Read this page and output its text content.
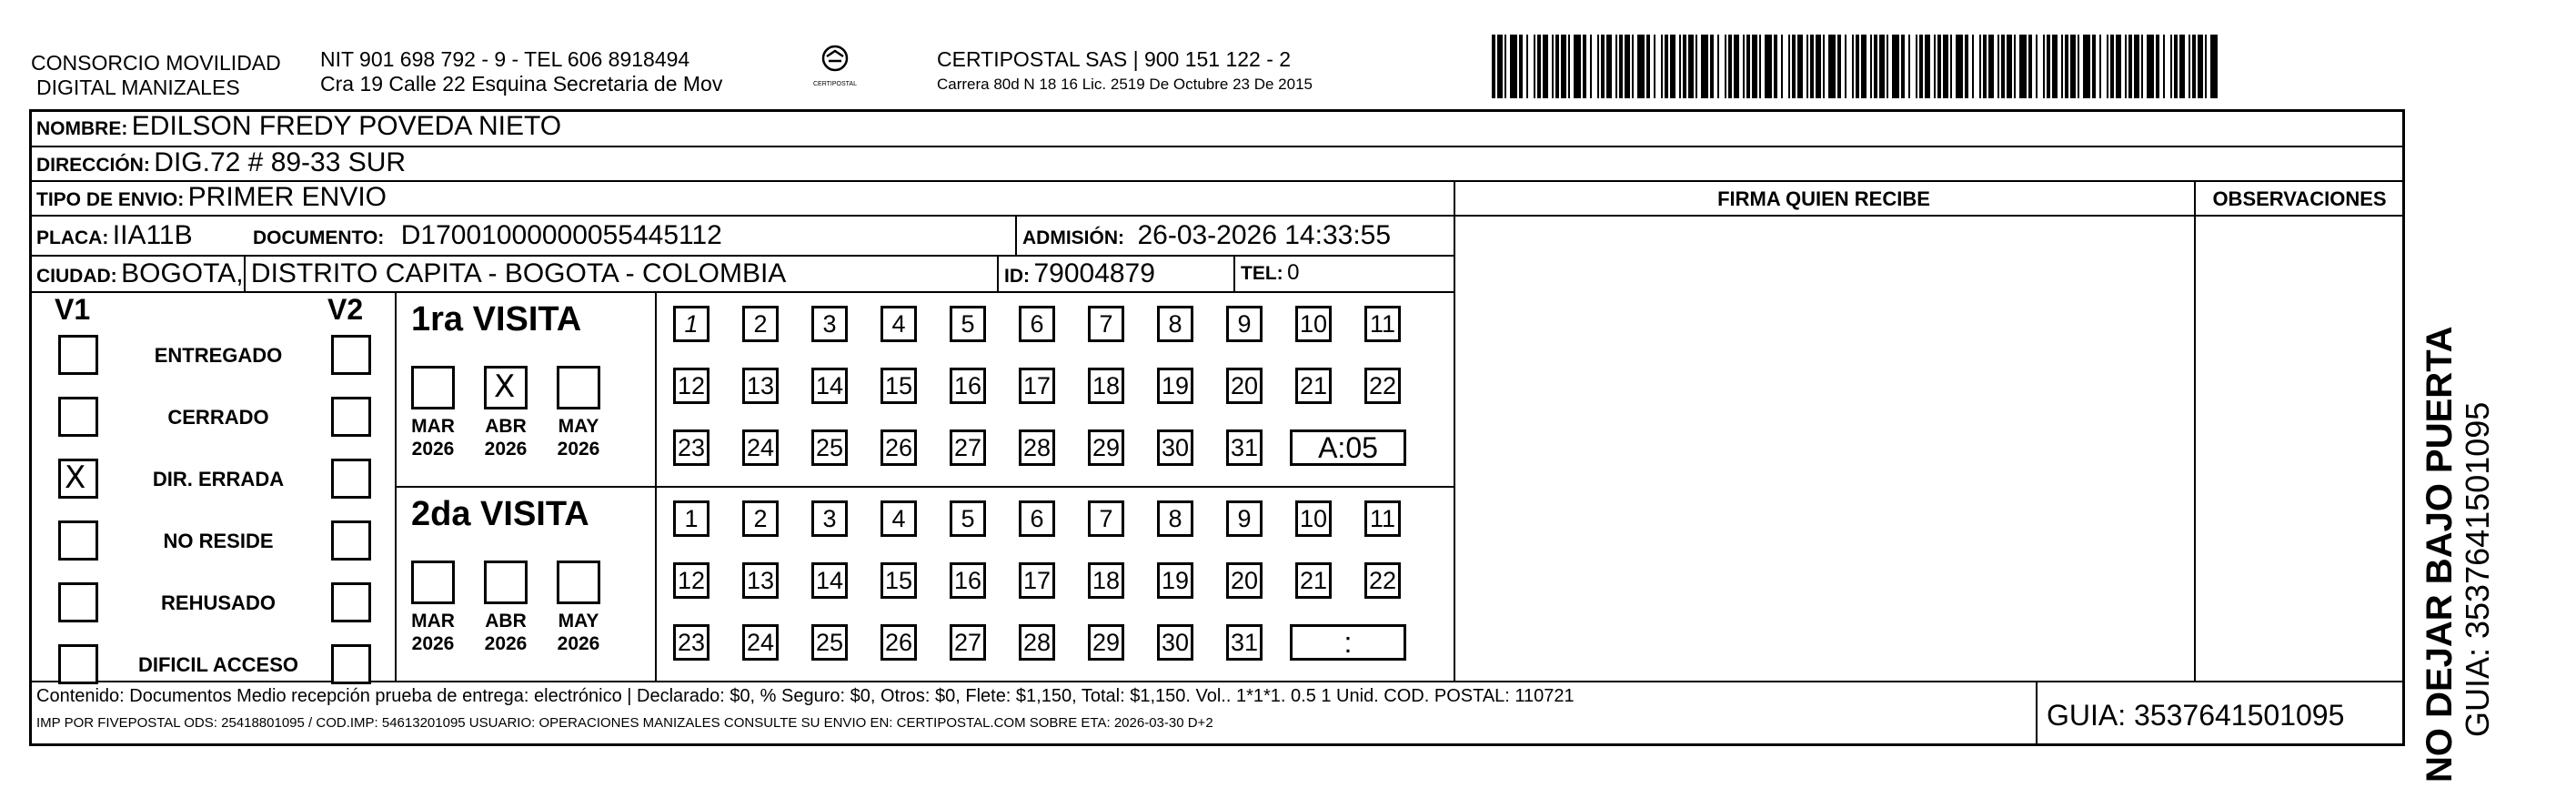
CONSORCIO MOVILIDAD
DIGITAL MANIZALES
NIT 901 698 792 - 9 - TEL 606 8918494
Cra 19 Calle 22 Esquina Secretaria de Mov	CERTIPOSTAL
CERTIPOSTAL SAS | 900 151 122 - 2
Carrera 80d N 18 16 Lic. 2519 De Octubre 23 De 2015
NOMBRE: EDILSON FREDY POVEDA NIETO
DIRECCIÓN: DIG.72 # 89-33 SUR
TIPO DE ENVIO: PRIMER ENVIO
PLACA: IIA11B	DOCUMENTO: D17001000000055445112	ADMISIÓN: 26-03-2026 14:33:55
CIUDAD: BOGOTA, DISTRITO CAPITA - BOGOTA - COLOMBIA	ID: 79004879	TEL: 0
FIRMA QUIEN RECIBE	OBSERVACIONES
V1	V2
ENTREGADO
CERRADO
X	DIR. ERRADA
NO RESIDE
REHUSADO
DIFICIL ACCESO
1ra VISITA
MAR
2026
X
ABR
2026
MAY
2026
1	2	3	4	5	6	7	8	9	10 11
12 13 14 15 16 17 18 19 20 21 22
23 24 25 26 27 28 29 30 31	A:05
2da VISITA
MAR
2026
ABR
2026
MAY
2026
1	2	3	4	5	6	7	8	9	10 11
12 13 14 15 16 17 18 19 20 21 22
23 24 25 26 27 28 29 30 31	:
Contenido: Documentos Medio recepción prueba de entrega: electrónico | Declarado: $0, % Seguro: $0, Otros: $0, Flete: $1,150, Total: $1,150. Vol.. 1*1*1. 0.5 1 Unid. COD. POSTAL: 110721
IMP POR FIVEPOSTAL ODS: 25418801095 / COD.IMP: 54613201095 USUARIO: OPERACIONES MANIZALES CONSULTE SU ENVIO EN: CERTIPOSTAL.COM SOBRE ETA: 2026-03-30 D+2	GUIA: 3537641501095 NO DEJAR BAJO PUERTA GUIA: 3537641501095
